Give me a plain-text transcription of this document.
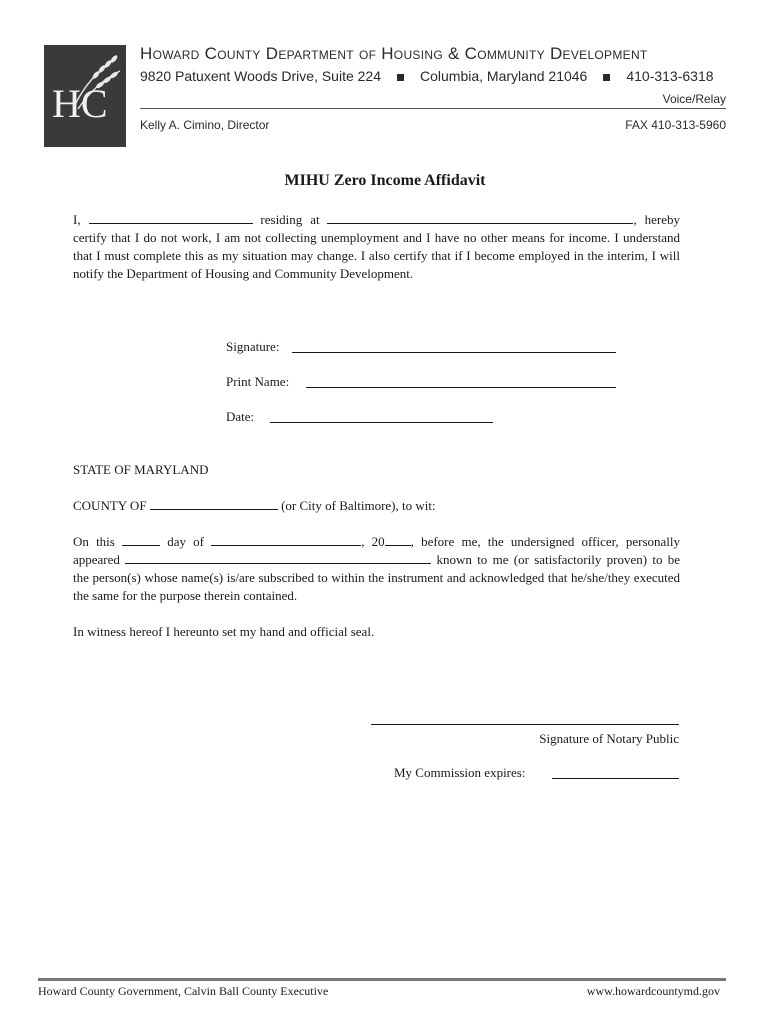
HC
Howard County Department of Housing & Community Development
9820 Patuxent Woods Drive, Suite 224	Columbia, Maryland 21046	410-313-6318
Voice/Relay
Kelly A. Cimino, Director	FAX 410-313-5960
MIHU Zero Income Affidavit
I,	residing at	, hereby certify that I do not work, I am not collecting unemployment and I have no other means for income. I understand that I must complete this as my situation may change. I also certify that if I become employed in the interim, I will notify the Department of Housing and Community Development.
Signature:
Print Name:
Date:
STATE OF MARYLAND
COUNTY OF	(or City of Baltimore), to wit:
On this	day of	, 20 , before me, the undersigned officer, personally appeared	known to me (or satisfactorily proven) to be the person(s) whose name(s) is/are subscribed to within the instrument and acknowledged that he/she/they executed the same for the purpose therein contained.
In witness hereof I hereunto set my hand and official seal.
Signature of Notary Public
My Commission expires:
Howard County Government, Calvin Ball County Executive	www.howardcountymd.gov
